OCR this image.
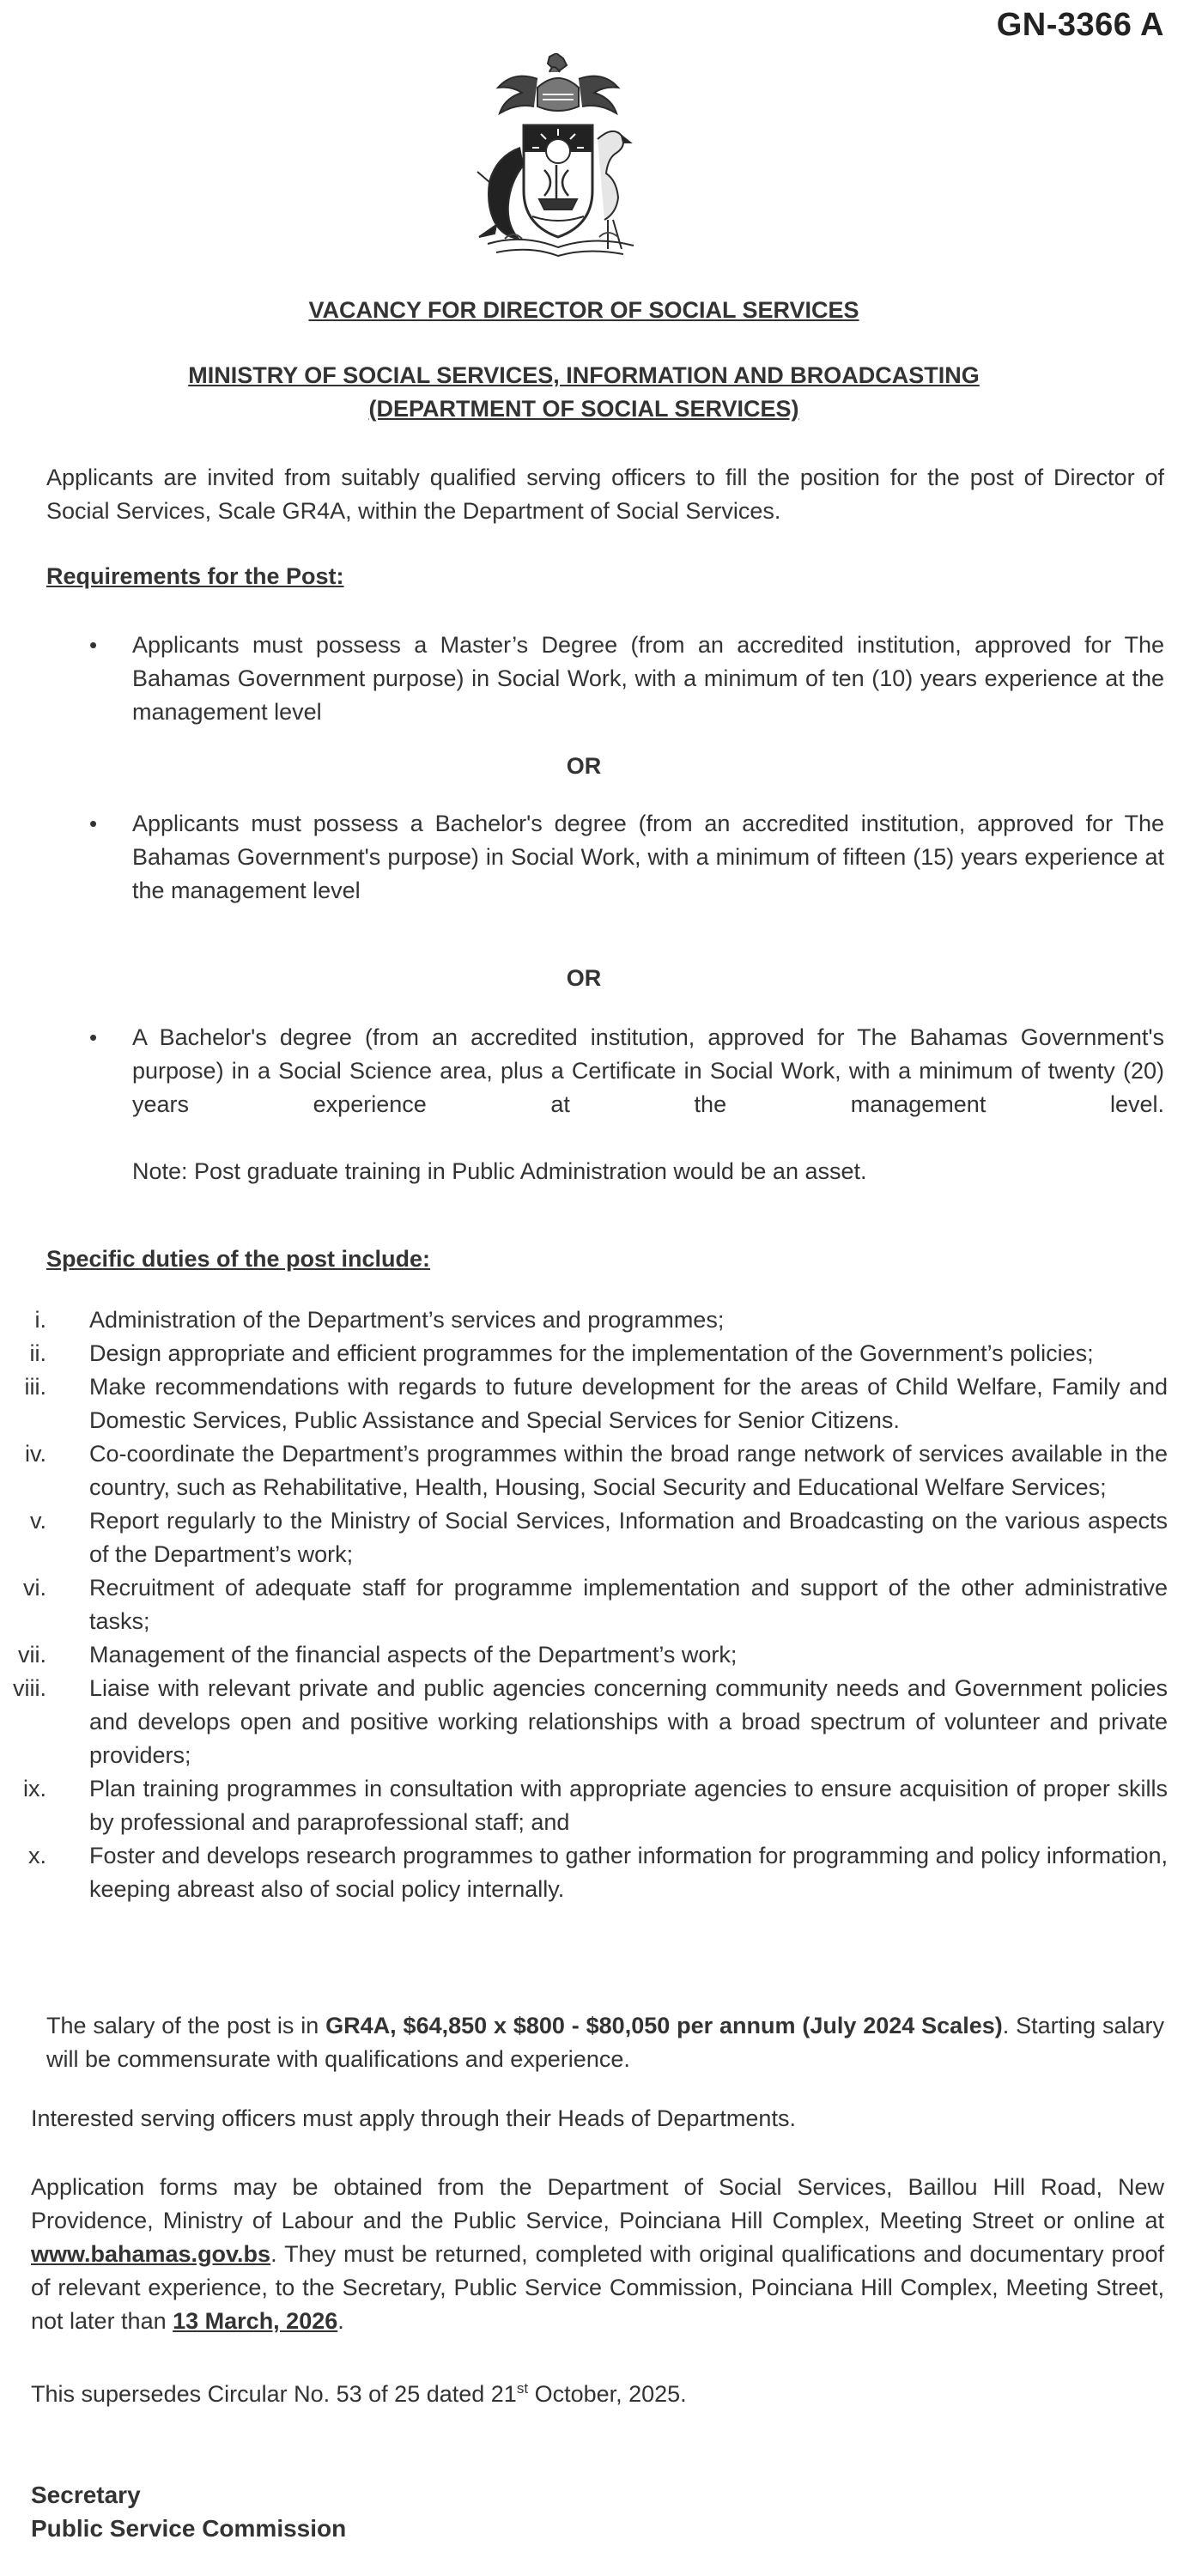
GN-3366 A
VACANCY FOR DIRECTOR OF SOCIAL SERVICES
MINISTRY OF SOCIAL SERVICES, INFORMATION AND BROADCASTING
(DEPARTMENT OF SOCIAL SERVICES)
Applicants are invited from suitably qualified serving officers to fill the position for the post of Director of Social Services, Scale GR4A, within the Department of Social Services.
Requirements for the Post:
• Applicants must possess a Master’s Degree (from an accredited institution, approved for The Bahamas Government purpose) in Social Work, with a minimum of ten (10) years experience at the management level
OR
• Applicants must possess a Bachelor's degree (from an accredited institution, approved for The Bahamas Government's purpose) in Social Work, with a minimum of fifteen (15) years experience at the management level
OR
• A Bachelor's degree (from an accredited institution, approved for The Bahamas Government's purpose) in a Social Science area, plus a Certificate in Social Work, with a minimum of twenty (20) years experience at the management level.
Note: Post graduate training in Public Administration would be an asset.
Specific duties of the post include:
i. Administration of the Department’s services and programmes;
ii. Design appropriate and efficient programmes for the implementation of the Government’s policies;
iii. Make recommendations with regards to future development for the areas of Child Welfare, Family and Domestic Services, Public Assistance and Special Services for Senior Citizens.
iv. Co-coordinate the Department’s programmes within the broad range network of services available in the country, such as Rehabilitative, Health, Housing, Social Security and Educational Welfare Services;
v. Report regularly to the Ministry of Social Services, Information and Broadcasting on the various aspects of the Department’s work;
vi. Recruitment of adequate staff for programme implementation and support of the other administrative tasks;
vii. Management of the financial aspects of the Department’s work;
viii. Liaise with relevant private and public agencies concerning community needs and Government policies and develops open and positive working relationships with a broad spectrum of volunteer and private providers;
ix. Plan training programmes in consultation with appropriate agencies to ensure acquisition of proper skills by professional and paraprofessional staff; and
x. Foster and develops research programmes to gather information for programming and policy information, keeping abreast also of social policy internally.
The salary of the post is in GR4A, $64,850 x $800 - $80,050 per annum (July 2024 Scales). Starting salary will be commensurate with qualifications and experience.
Interested serving officers must apply through their Heads of Departments.
Application forms may be obtained from the Department of Social Services, Baillou Hill Road, New Providence, Ministry of Labour and the Public Service, Poinciana Hill Complex, Meeting Street or online at www.bahamas.gov.bs. They must be returned, completed with original qualifications and documentary proof of relevant experience, to the Secretary, Public Service Commission, Poinciana Hill Complex, Meeting Street, not later than 13 March, 2026.
This supersedes Circular No. 53 of 25 dated 21st October, 2025.
Secretary
Public Service Commission
